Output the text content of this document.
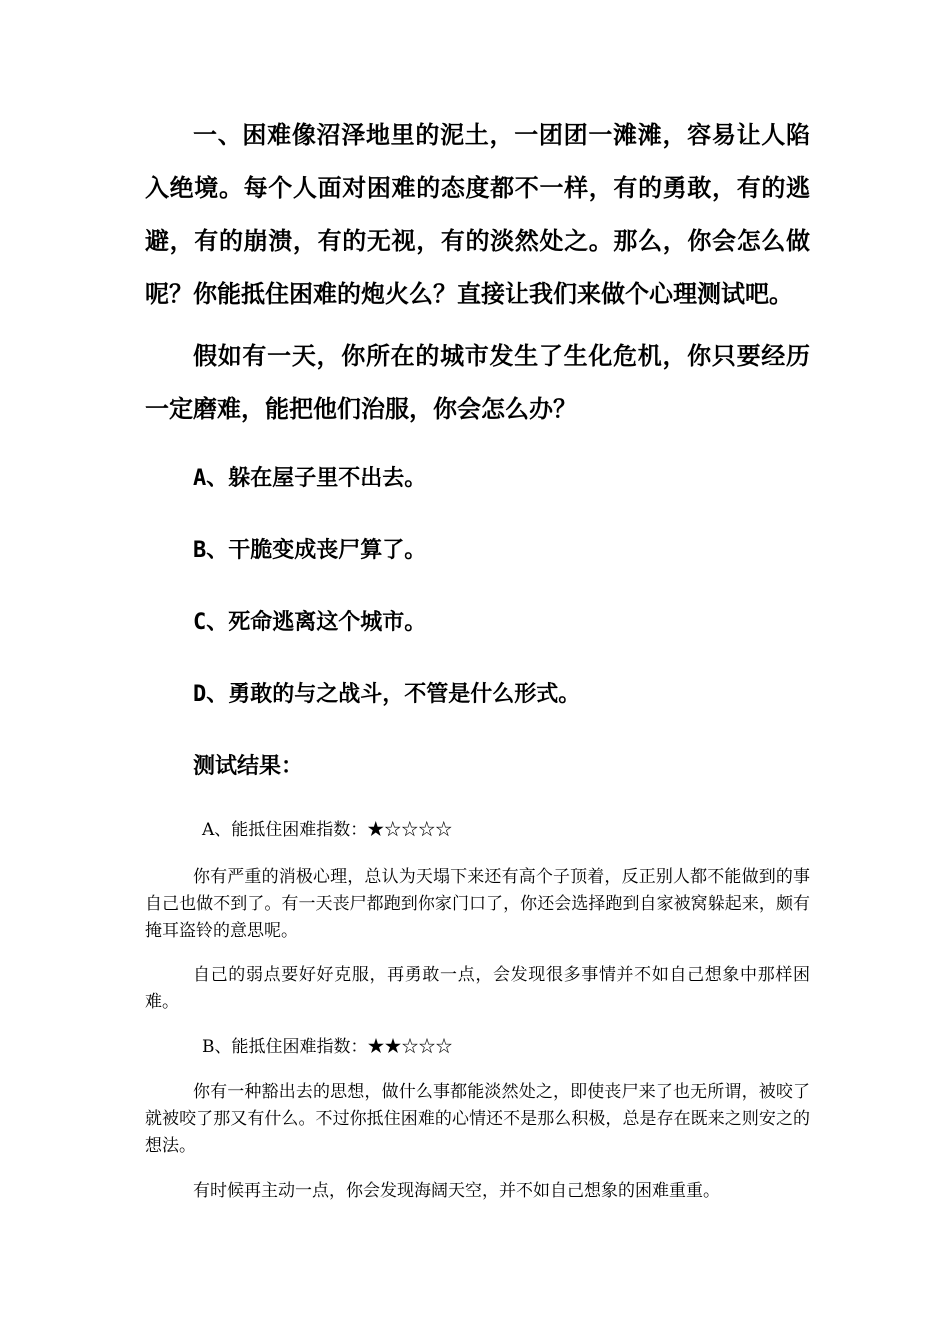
一、困难像沼泽地里的泥土，一团团一滩滩，容易让人陷入绝境。每个人面对困难的态度都不一样，有的勇敢，有的逃避，有的崩溃，有的无视，有的淡然处之。那么，你会怎么做呢？你能抵住困难的炮火么？直接让我们来做个心理测试吧。

假如有一天，你所在的城市发生了生化危机，你只要经历一定磨难，能把他们治服，你会怎么办？

A、躲在屋子里不出去。
B、干脆变成丧尸算了。
C、死命逃离这个城市。
D、勇敢的与之战斗，不管是什么形式。
测试结果：
A、能抵住困难指数：★☆☆☆☆

你有严重的消极心理，总认为天塌下来还有高个子顶着，反正别人都不能做到的事自己也做不到了。有一天丧尸都跑到你家门口了，你还会选择跑到自家被窝躲起来，颇有掩耳盗铃的意思呢。

自己的弱点要好好克服，再勇敢一点，会发现很多事情并不如自己想象中那样困难。

B、能抵住困难指数：★★☆☆☆

你有一种豁出去的思想，做什么事都能淡然处之，即使丧尸来了也无所谓，被咬了就被咬了那又有什么。不过你抵住困难的心情还不是那么积极，总是存在既来之则安之的想法。

有时候再主动一点，你会发现海阔天空，并不如自己想象的困难重重。
